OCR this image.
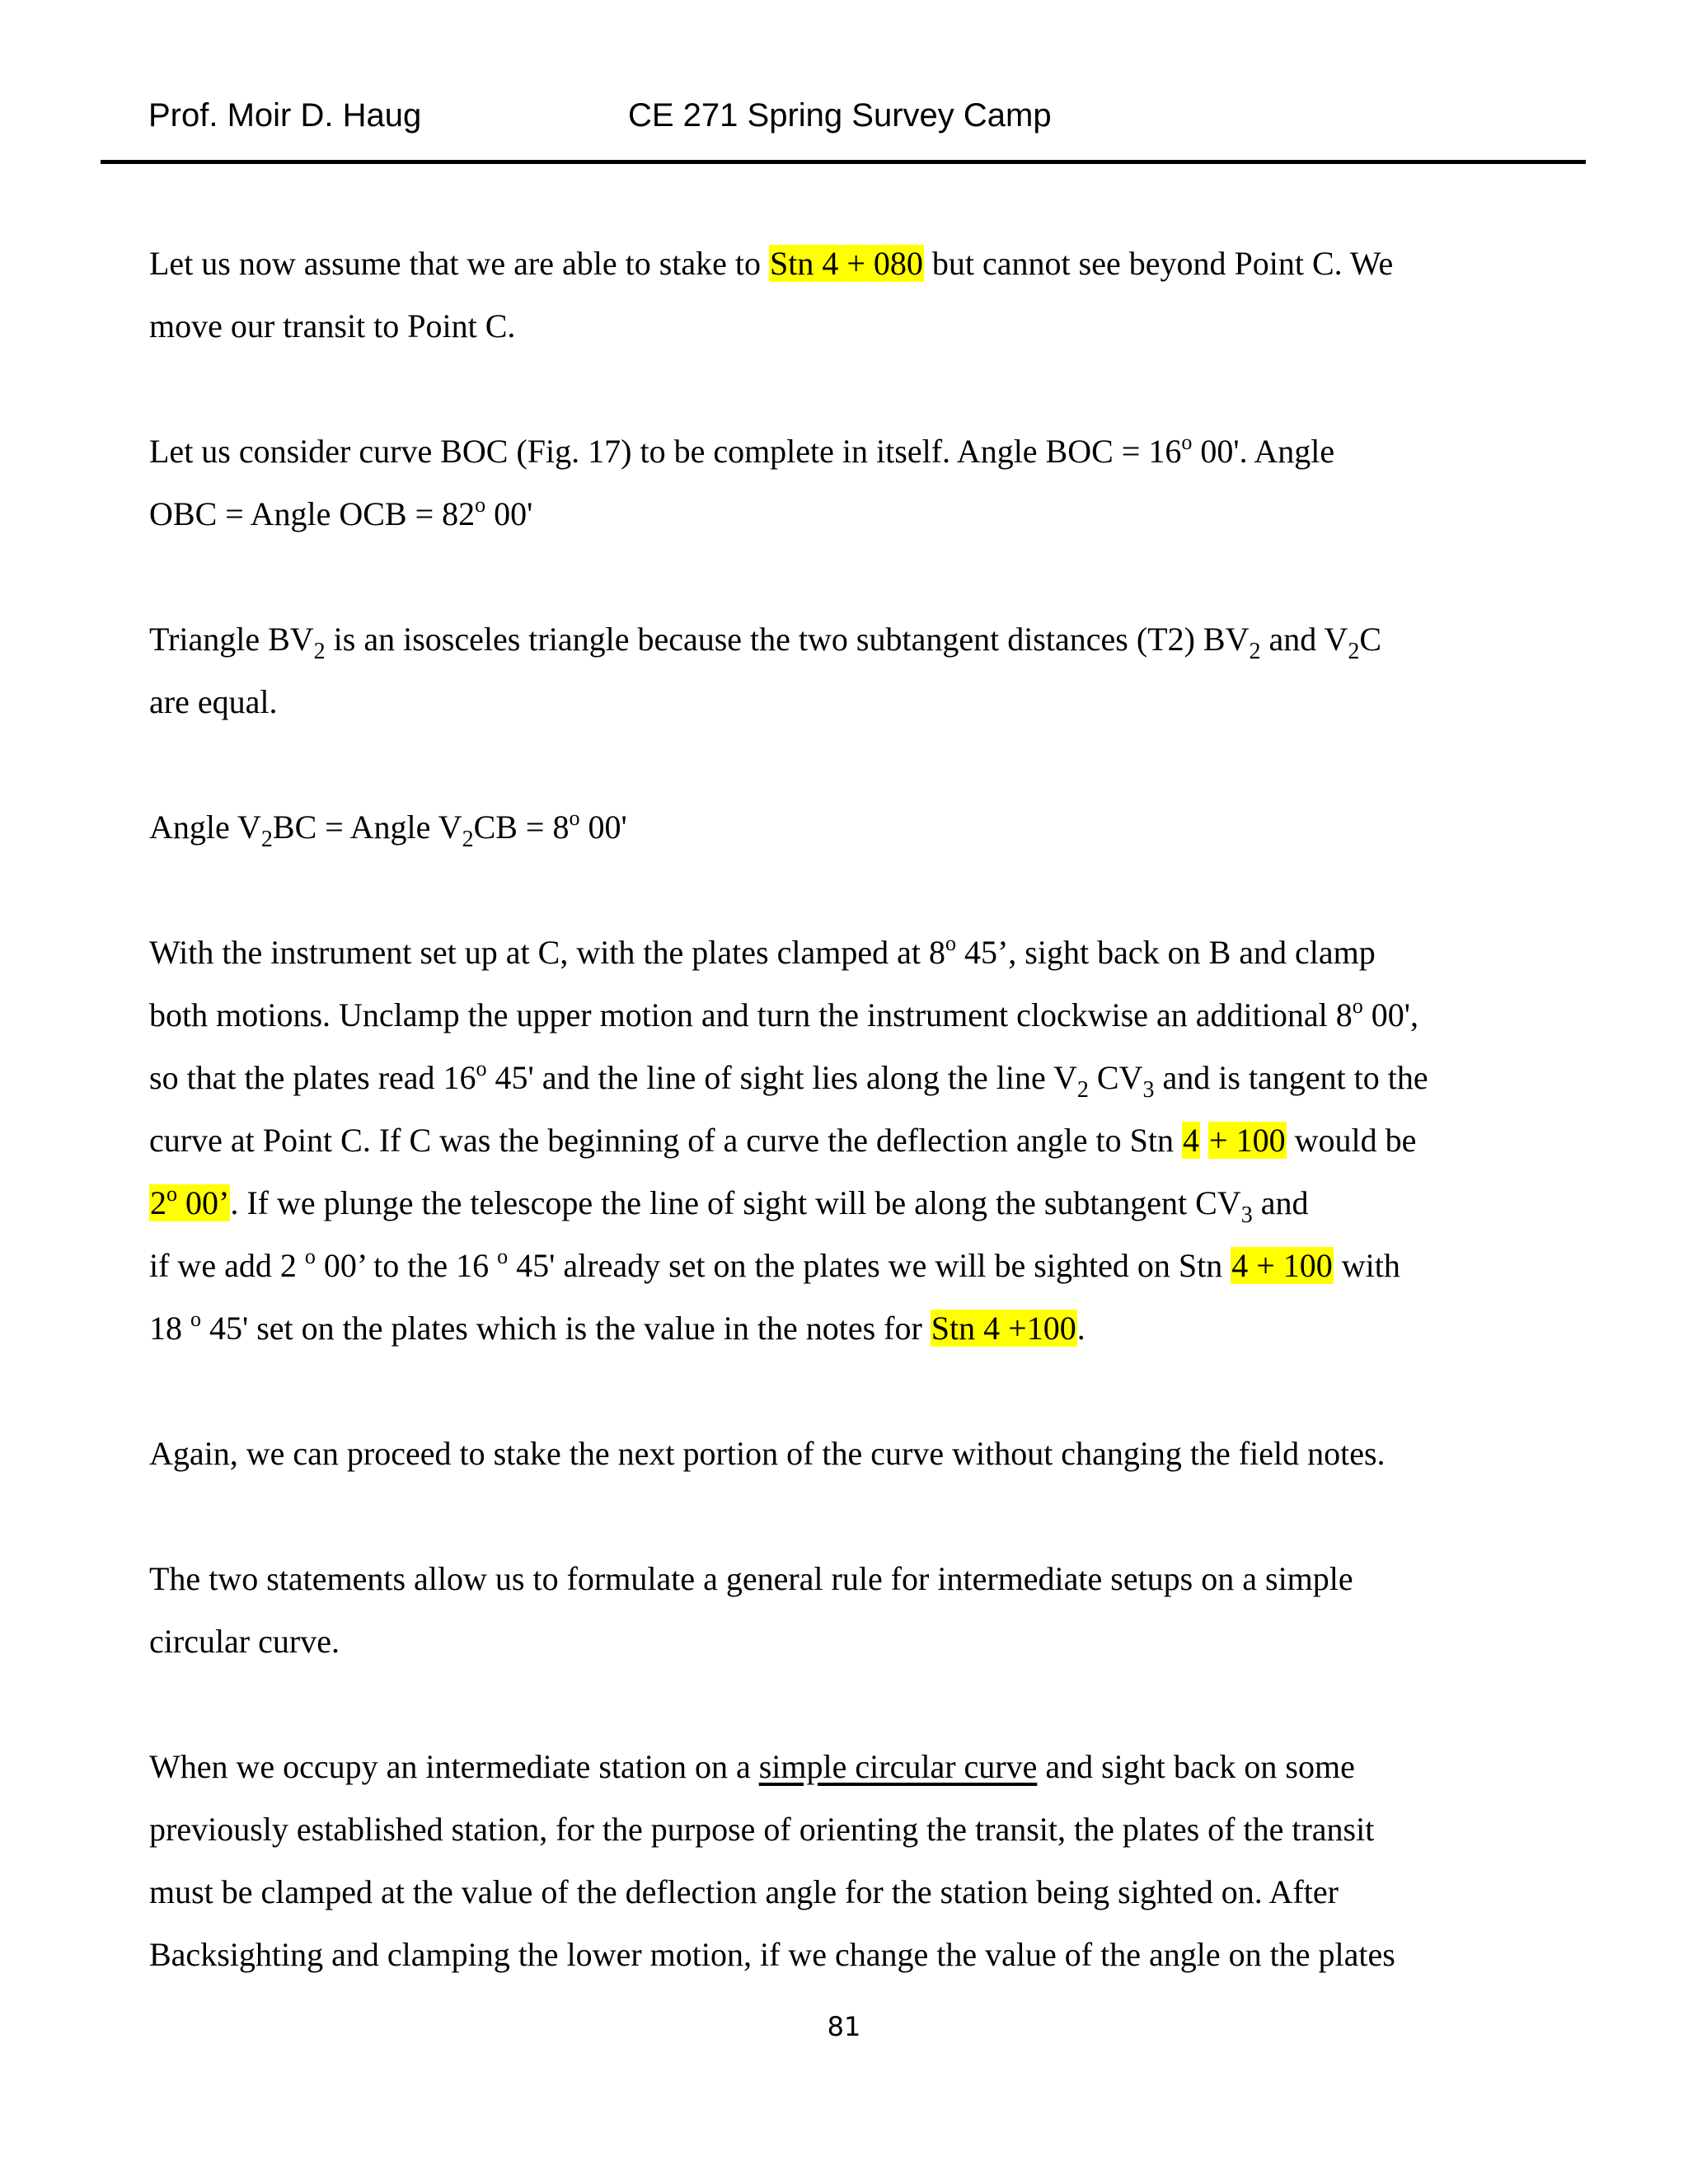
Prof. Moir D. Haug	CE 271 Spring Survey Camp

Let us now assume that we are able to stake to Stn 4 + 080 but cannot see beyond Point C. We
move our transit to Point C.

Let us consider curve BOC (Fig. 17) to be complete in itself. Angle BOC = $16^o$ 00'. Angle
OBC = Angle OCB = $82^o$ 00'

Triangle $BV_2$ is an isosceles triangle because the two subtangent distances (T2) $BV_2$ and $V_2C$
are equal.

Angle $V_2BC$ = Angle $V_2CB = 8^o$ 00'

With the instrument set up at C, with the plates clamped at 8$^o$ 45’, sight back on B and clamp
both motions. Unclamp the upper motion and turn the instrument clockwise an additional 8$^o$ 00',
so that the plates read 16$^o$ 45' and the line of sight lies along the line $V_2$ $CV_3$ and is tangent to the
curve at Point C. If C was the beginning of a curve the deflection angle to Stn 4 + 100 would be
2$^o$ 00’. If we plunge the telescope the line of sight will be along the subtangent $CV_3$ and
if we add 2 $^o$ 00’ to the 16 $^o$ 45' already set on the plates we will be sighted on Stn 4 + 100 with
18 $^o$ 45' set on the plates which is the value in the notes for Stn 4 +100.

Again, we can proceed to stake the next portion of the curve without changing the field notes.

The two statements allow us to formulate a general rule for intermediate setups on a simple
circular curve.

When we occupy an intermediate station on a simple circular curve and sight back on some
previously established station, for the purpose of orienting the transit, the plates of the transit
must be clamped at the value of the deflection angle for the station being sighted on. After
Backsighting and clamping the lower motion, if we change the value of the angle on the plates

81
